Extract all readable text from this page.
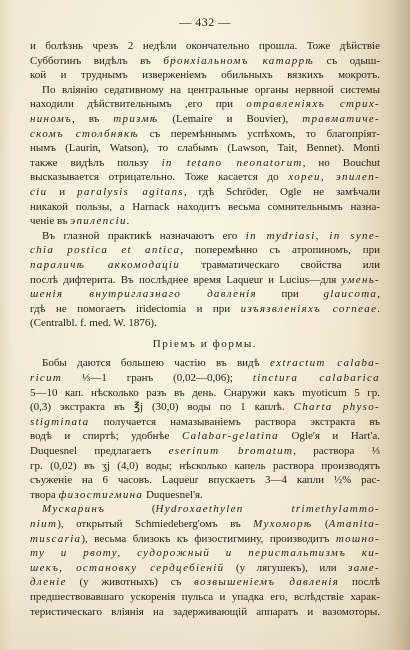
— 432 —
и болѣзнь чрезъ 2 недѣли окончательно прошла. Тоже дѣйствіе
Субботинъ видѣлъ въ бронхіальномъ катаррѣ съ одыш-
кой и труднымъ изверженіемъ обильныхъ вязкихъ мокротъ.
По вліянію седативному на центральные органы нервной системы
находили дѣйствительнымъ ,его при отравленіяхъ стрих-
ниномъ, въ тризмѣ (Lemaire и Bouvier), травматиче-
скомъ столбнякѣ съ перемѣннымъ успѣхомъ, то благопріят-
нымъ (Laurin, Watson), то слабымъ (Lawson, Tait, Bennet). Monti
также видѣлъ пользу in tetano neonatorum, но Bouchut
высказывается отрицательно. Тоже касается до хореи, эпилеп-
сіи и paralysis agitans, гдѣ Schröder, Ogle не замѣчали
никакой пользы, а Harnack находитъ весьма сомнительнымъ назна-
ченіе въ эпилепсіи.
Въ глазной практикѣ назначаютъ его in mydriasi, in syne-
chia postica et antica, поперемѣнно съ атропиномъ, при
параличѣ аккомодаціи травматическаго свойства или
послѣ дифтерита. Въ послѣднее время Laqueur и Lucius—для умень-
шенія внутриглазнаго давленія при glaucoma,
гдѣ не помогаетъ iridectomia и при изъязвленіяхъ corneae.
(Centralbl. f. med. W. 1876).
Пріемъ и формы.
Бобы даются большею частію въ видѣ extractum calaba-
ricum ⅓—1 гранъ (0,02—0,06); tinctura calabarica
5—10 кап. нѣсколько разъ въ день. Снаружи какъ myoticum 5 гр.
(0,3) экстракта въ ℥j (30,0) воды по 1 каплѣ. Charta physo-
stigminata получается намазываніемъ раствора экстракта въ
водѣ и спиртѣ; удобнѣе Calabar-gelatina Ogle'я и Hart'а.
Duquesnel предлагаетъ eserinum bromatum, раствора ⅓
гр. (0,02) въ ʒj (4,0) воды; нѣсколько капель раствора производятъ
съуженіе на 6 часовъ. Laqueur впускаетъ 3—4 капли ½% рас-
твора физостигмина Duquesnel'я.
Мускаринъ (Hydroxaethylen trimethylammo-
nium), открытый Schmiedeberg'омъ въ Мухоморѣ (Amanita-
muscaria), весьма близокъ къ физостигмину, производитъ тошно-
ту и рвоту, судорожный и перистальтизмъ ки-
шекъ, остановку сердцебіеній (у лягушекъ), или заме-
дленіе (у животныхъ) съ возвышеніемъ давленія послѣ
предшествовавшаго ускоренія пульса и упадка его, вслѣдствіе харак-
теристическаго вліянія на задерживающій аппаратъ и вазомоторы.
